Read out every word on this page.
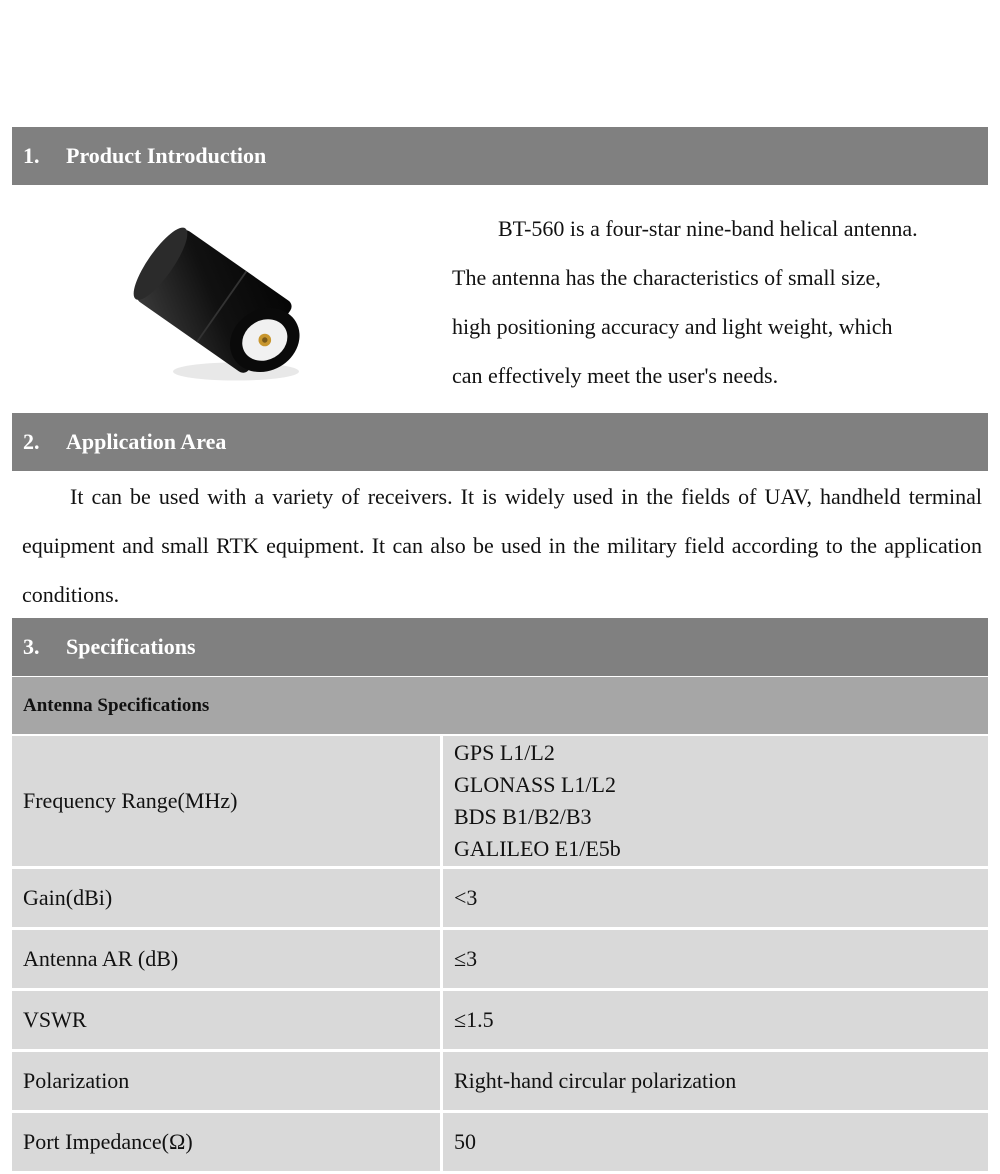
1.	Product Introduction

BT-560 is a four-star nine-band helical antenna.
The antenna has the characteristics of small size,
high positioning accuracy and light weight, which
can effectively meet the user's needs.

2.	Application Area

It can be used with a variety of receivers. It is widely used in the fields of UAV, handheld terminal equipment and small RTK equipment. It can also be used in the military field according to the application conditions.

3.	Specifications
Antenna Specifications
Frequency Range(MHz)	GPS L1/L2
GLONASS L1/L2
BDS B1/B2/B3
GALILEO E1/E5b

Gain(dBi)	<3
Antenna AR (dB)	≤3
VSWR	≤1.5
Polarization	Right-hand circular polarization
Port Impedance(Ω)	50
